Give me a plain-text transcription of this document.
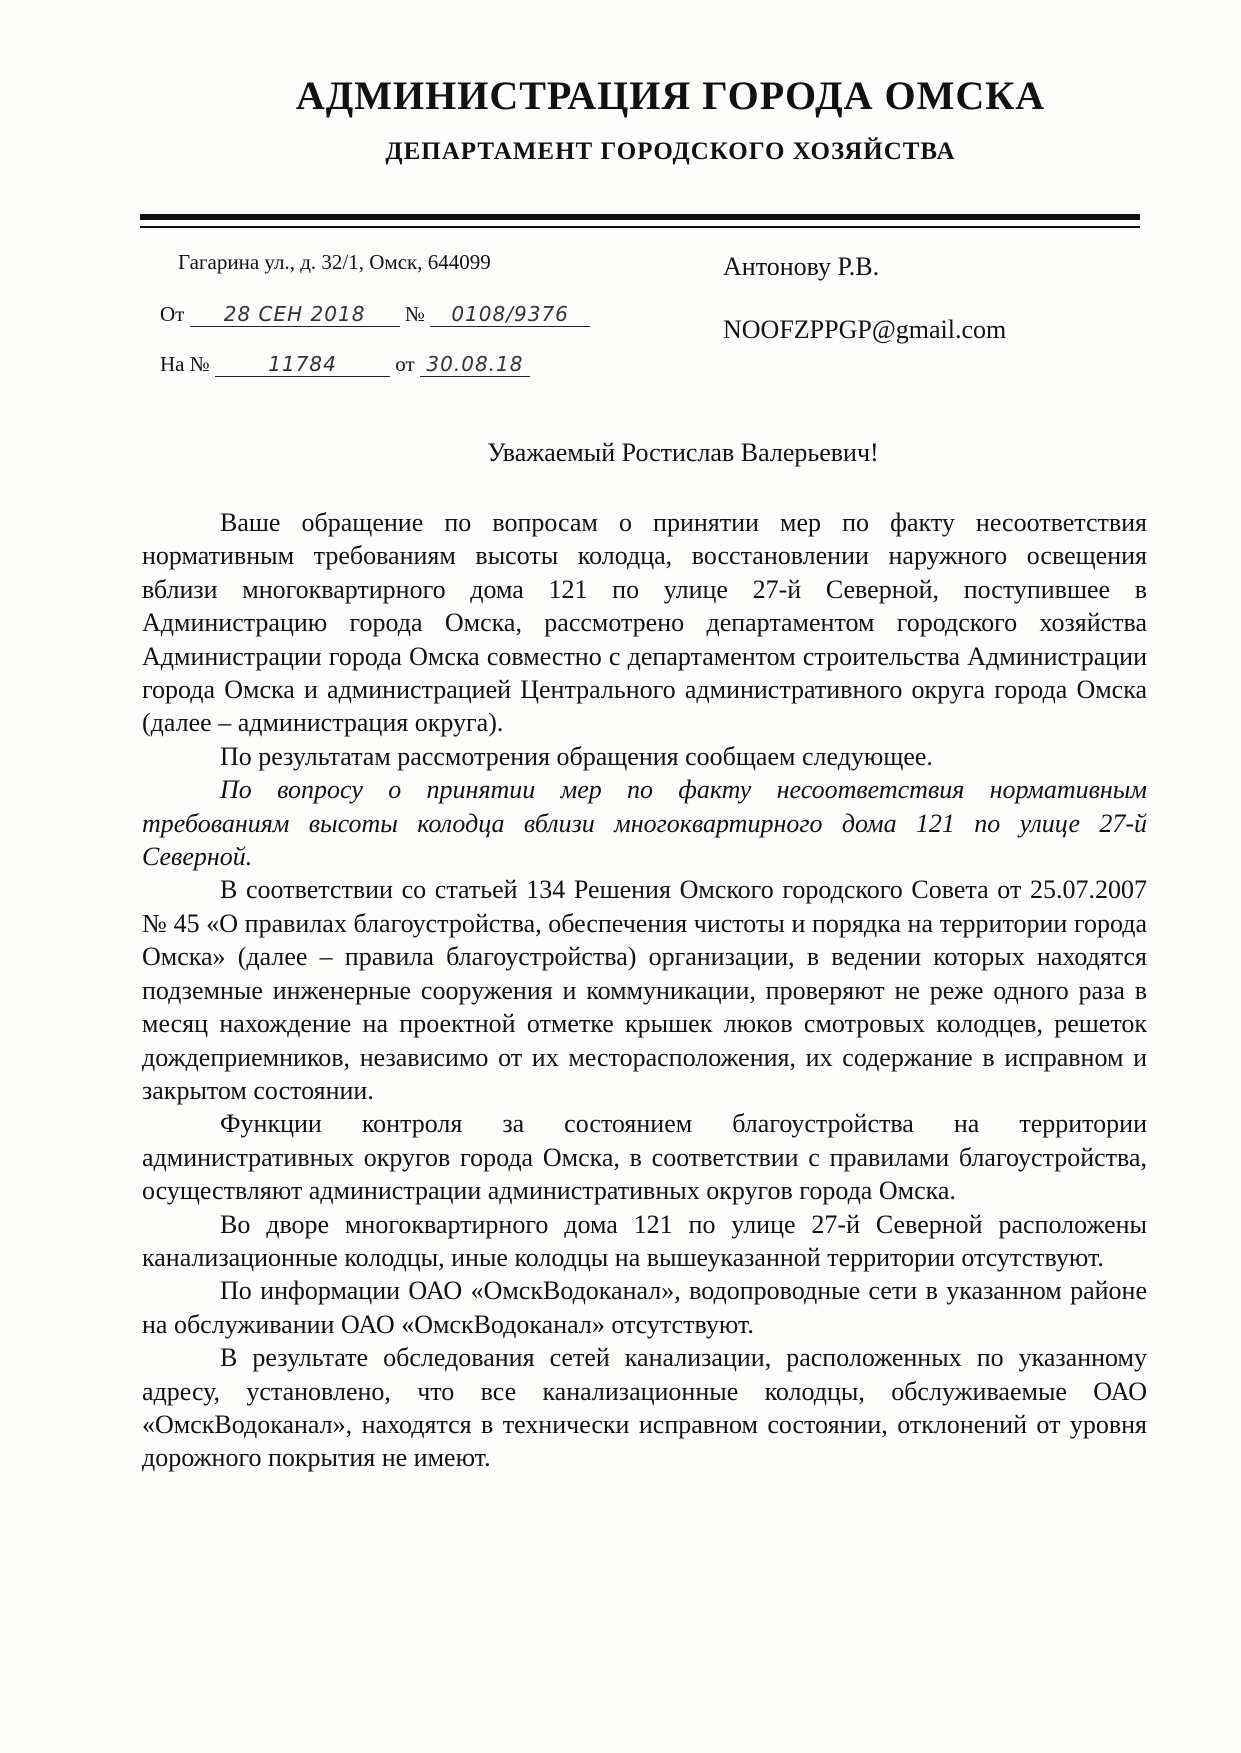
АДМИНИСТРАЦИЯ ГОРОДА ОМСКА
ДЕПАРТАМЕНТ ГОРОДСКОГО ХОЗЯЙСТВА
Гагарина ул., д. 32/1, Омск, 644099
От 28 СЕН 2018 № 0108/9376
На №	11784	от 30.08.18
Антонову Р.В.
NOOFZPPGP@gmail.com
Уважаемый Ростислав Валерьевич!

Ваше обращение по вопросам о принятии мер по факту несоответствия нормативным требованиям высоты колодца, восстановлении наружного освещения вблизи многоквартирного дома 121 по улице 27-й Северной, поступившее в Администрацию города Омска, рассмотрено департаментом городского хозяйства Администрации города Омска совместно с департаментом строительства Администрации города Омска и администрацией Центрального административного округа города Омска (далее – администрация округа).

По результатам рассмотрения обращения сообщаем следующее.

По вопросу о принятии мер по факту несоответствия нормативным требованиям высоты колодца вблизи многоквартирного дома 121 по улице 27-й Северной.

В соответствии со статьей 134 Решения Омского городского Совета от 25.07.2007 № 45 «О правилах благоустройства, обеспечения чистоты и порядка на территории города Омска» (далее – правила благоустройства) организации, в ведении которых находятся подземные инженерные сооружения и коммуникации, проверяют не реже одного раза в месяц нахождение на проектной отметке крышек люков смотровых колодцев, решеток дождеприемников, независимо от их месторасположения, их содержание в исправном и закрытом состоянии.

Функции контроля за состоянием благоустройства на территории административных округов города Омска, в соответствии с правилами благоустройства, осуществляют администрации административных округов города Омска.

Во дворе многоквартирного дома 121 по улице 27-й Северной расположены канализационные колодцы, иные колодцы на вышеуказанной территории отсутствуют.

По информации ОАО «ОмскВодоканал», водопроводные сети в указанном районе на обслуживании ОАО «ОмскВодоканал» отсутствуют.

В результате обследования сетей канализации, расположенных по указанному адресу, установлено, что все канализационные колодцы, обслуживаемые ОАО «ОмскВодоканал», находятся в технически исправном состоянии, отклонений от уровня дорожного покрытия не имеют.
